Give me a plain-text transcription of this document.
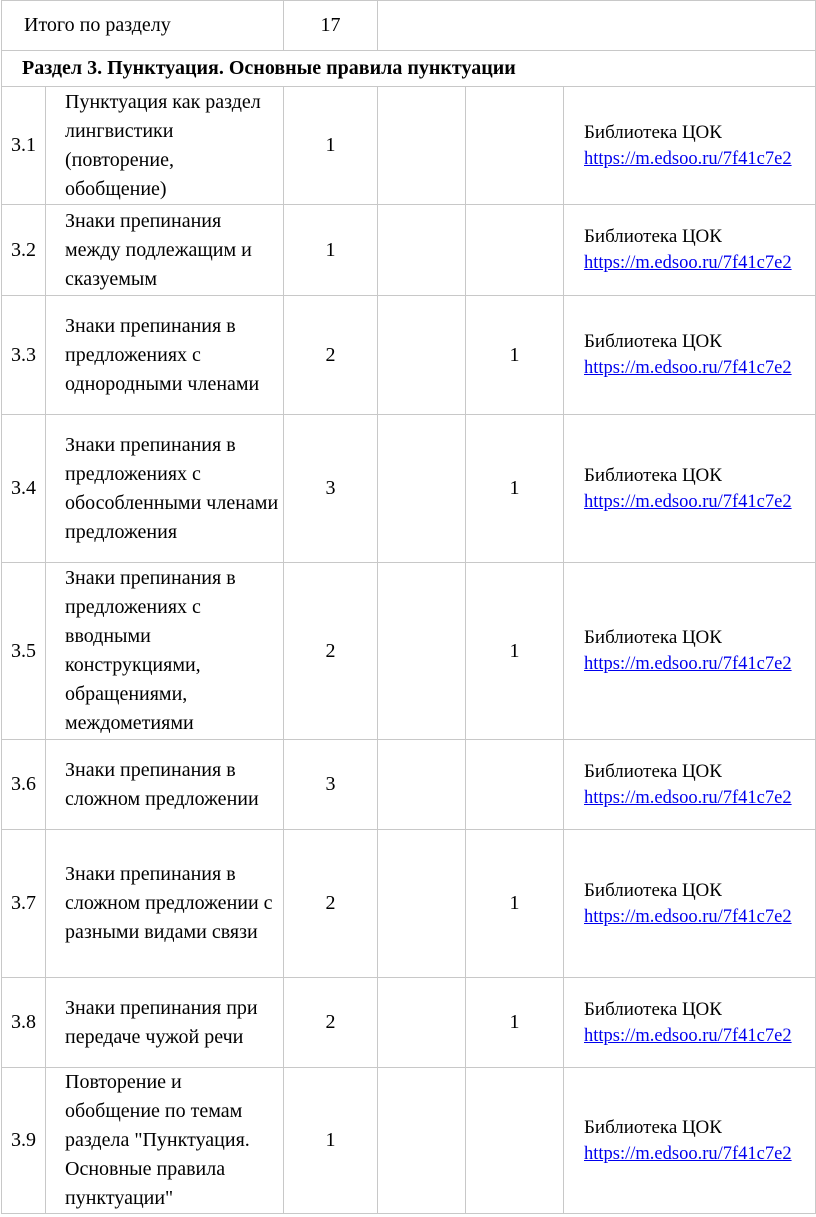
Итого по разделу		17			
Раздел 3. Пунктуация. Основные правила пунктуации					
3.1	Пунктуация как раздел лингвистики (повторение, обобщение)	1			Библиотека ЦОК
https://m.edsoo.ru/7f41c7e2

3.2	Знаки препинания между подлежащим и сказуемым	1			Библиотека ЦОК
https://m.edsoo.ru/7f41c7e2

3.3	Знаки препинания в предложениях с однородными членами	2		1	Библиотека ЦОК
https://m.edsoo.ru/7f41c7e2

3.4	Знаки препинания в предложениях с обособленными членами предложения	3		1	Библиотека ЦОК
https://m.edsoo.ru/7f41c7e2

3.5	Знаки препинания в предложениях с вводными конструкциями, обращениями, междометиями	2		1	Библиотека ЦОК
https://m.edsoo.ru/7f41c7e2

3.6	Знаки препинания в сложном предложении	3			Библиотека ЦОК
https://m.edsoo.ru/7f41c7e2

3.7	Знаки препинания в сложном предложении с разными видами связи	2		1	Библиотека ЦОК
https://m.edsoo.ru/7f41c7e2

3.8	Знаки препинания при передаче чужой речи	2		1	Библиотека ЦОК
https://m.edsoo.ru/7f41c7e2

3.9	Повторение и обобщение по темам раздела "Пунктуация. Основные правила пунктуации"	1			Библиотека ЦОК
https://m.edsoo.ru/7f41c7e2
